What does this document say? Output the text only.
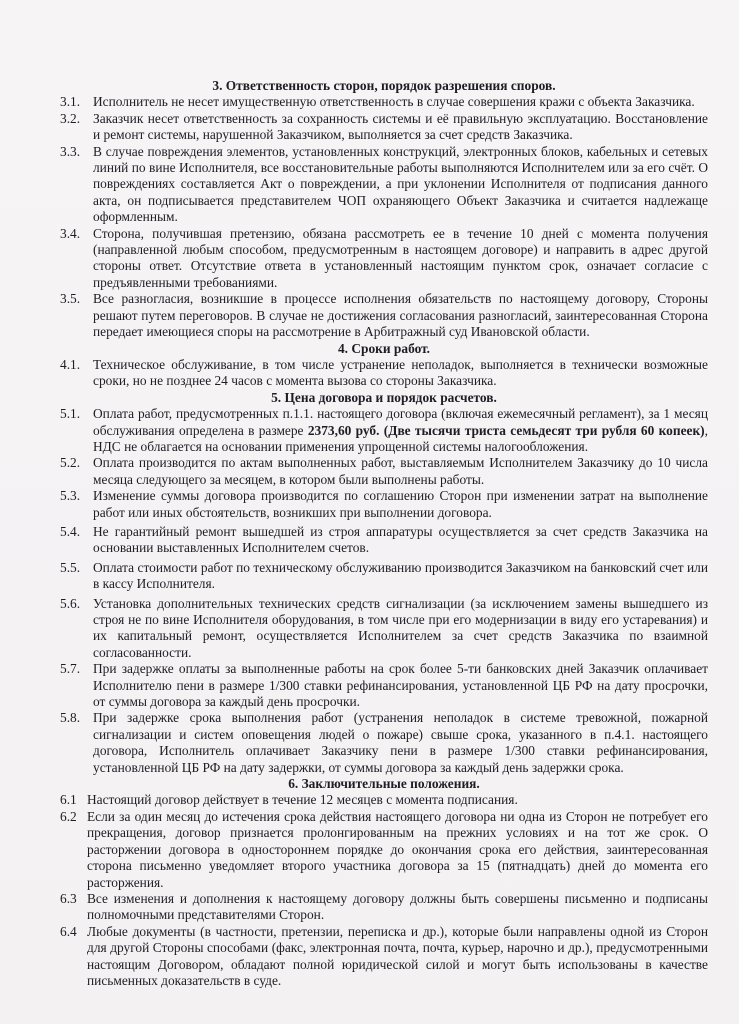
3. Ответственность сторон, порядок разрешения споров.

3.1. Исполнитель не несет имущественную ответственность в случае совершения кражи с объекта Заказчика.
3.2. Заказчик несет ответственность за сохранность системы и её правильную эксплуатацию. Восстановление и ремонт системы, нарушенной Заказчиком, выполняется за счет средств Заказчика.
3.3. В случае повреждения элементов, установленных конструкций, электронных блоков, кабельных и сетевых линий по вине Исполнителя, все восстановительные работы выполняются Исполнителем или за его счёт. О повреждениях составляется Акт о повреждении, а при уклонении Исполнителя от подписания данного акта, он подписывается представителем ЧОП охраняющего Объект Заказчика и считается надлежаще оформленным.
3.4. Сторона, получившая претензию, обязана рассмотреть ее в течение 10 дней с момента получения (направленной любым способом, предусмотренным в настоящем договоре) и направить в адрес другой стороны ответ. Отсутствие ответа в установленный настоящим пунктом срок, означает согласие с предъявленными требованиями.
3.5. Все разногласия, возникшие в процессе исполнения обязательств по настоящему договору, Стороны решают путем переговоров. В случае не достижения согласования разногласий, заинтересованная Сторона передает имеющиеся споры на рассмотрение в Арбитражный суд Ивановской области.

4. Сроки работ.

4.1. Техническое обслуживание, в том числе устранение неполадок, выполняется в технически возможные сроки, но не позднее 24 часов с момента вызова со стороны Заказчика.

5. Цена договора и порядок расчетов.

5.1. Оплата работ, предусмотренных п.1.1. настоящего договора (включая ежемесячный регламент), за 1 месяц обслуживания определена в размере 2373,60 руб. (Две тысячи триста семьдесят три рубля 60 копеек), НДС не облагается на основании применения упрощенной системы налогообложения.
5.2. Оплата производится по актам выполненных работ, выставляемым Исполнителем Заказчику до 10 числа месяца следующего за месяцем, в котором были выполнены работы.
5.3. Изменение суммы договора производится по соглашению Сторон при изменении затрат на выполнение работ или иных обстоятельств, возникших при выполнении договора.
5.4. Не гарантийный ремонт вышедшей из строя аппаратуры осуществляется за счет средств Заказчика на основании выставленных Исполнителем счетов.
5.5. Оплата стоимости работ по техническому обслуживанию производится Заказчиком на банковский счет или в кассу Исполнителя.
5.6. Установка дополнительных технических средств сигнализации (за исключением замены вышедшего из строя не по вине Исполнителя оборудования, в том числе при его модернизации в виду его устаревания) и их капитальный ремонт, осуществляется Исполнителем за счет средств Заказчика по взаимной согласованности.
5.7. При задержке оплаты за выполненные работы на срок более 5-ти банковских дней Заказчик оплачивает Исполнителю пени в размере 1/300 ставки рефинансирования, установленной ЦБ РФ на дату просрочки, от суммы договора за каждый день просрочки.
5.8. При задержке срока выполнения работ (устранения неполадок в системе тревожной, пожарной сигнализации и систем оповещения людей о пожаре) свыше срока, указанного в п.4.1. настоящего договора, Исполнитель оплачивает Заказчику пени в размере 1/300 ставки рефинансирования, установленной ЦБ РФ на дату задержки, от суммы договора за каждый день задержки срока.

6. Заключительные положения.

6.1 Настоящий договор действует в течение 12 месяцев с момента подписания.
6.2 Если за один месяц до истечения срока действия настоящего договора ни одна из Сторон не потребует его прекращения, договор признается пролонгированным на прежних условиях и на тот же срок. О расторжении договора в одностороннем порядке до окончания срока его действия, заинтересованная сторона письменно уведомляет второго участника договора за 15 (пятнадцать) дней до момента его расторжения.
6.3 Все изменения и дополнения к настоящему договору должны быть совершены письменно и подписаны полномочными представителями Сторон.
6.4 Любые документы (в частности, претензии, переписка и др.), которые были направлены одной из Сторон для другой Стороны способами (факс, электронная почта, почта, курьер, нарочно и др.), предусмотренными настоящим Договором, обладают полной юридической силой и могут быть использованы в качестве письменных доказательств в суде.
